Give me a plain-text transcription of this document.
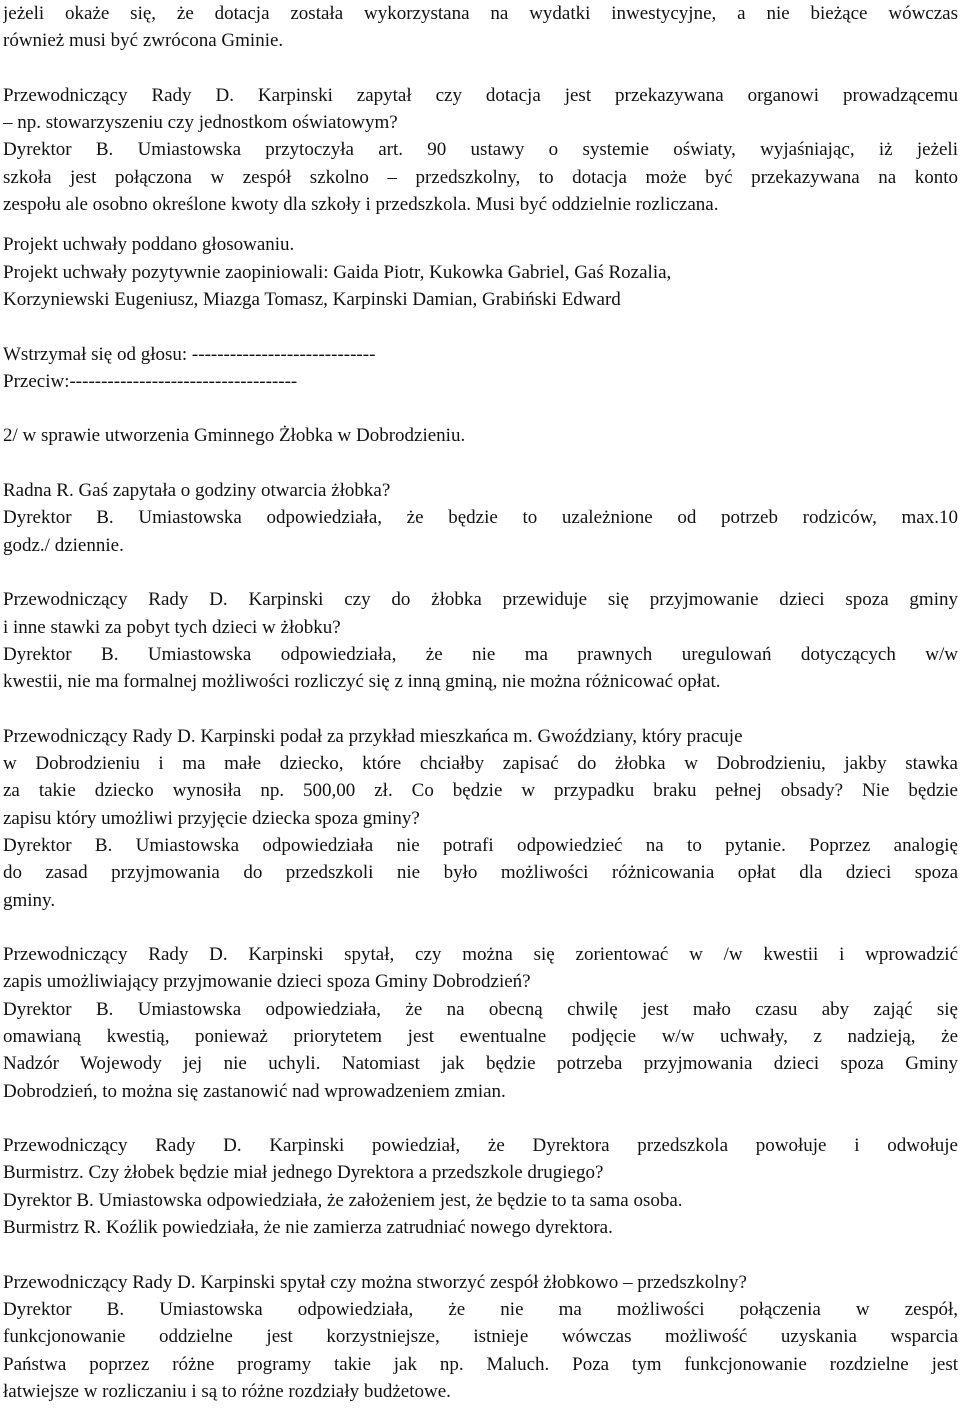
jeżeli okaże się, że dotacja została wykorzystana na wydatki inwestycyjne, a nie bieżące wówczas
również musi być zwrócona Gminie.
Przewodniczący Rady D. Karpinski zapytał czy dotacja jest przekazywana organowi prowadzącemu
– np. stowarzyszeniu czy jednostkom oświatowym?
Dyrektor B. Umiastowska przytoczyła art. 90 ustawy o systemie oświaty, wyjaśniając, iż jeżeli
szkoła jest połączona w zespół szkolno – przedszkolny, to dotacja może być przekazywana na konto
zespołu ale osobno określone kwoty dla szkoły i przedszkola. Musi być oddzielnie rozliczana.
Projekt uchwały poddano głosowaniu.
Projekt uchwały pozytywnie zaopiniowali: Gaida Piotr, Kukowka Gabriel, Gaś Rozalia,
Korzyniewski Eugeniusz, Miazga Tomasz, Karpinski Damian, Grabiński Edward
Wstrzymał się od głosu: -----------------------------
Przeciw:------------------------------------
2/ w sprawie utworzenia Gminnego Żłobka w Dobrodzieniu.
Radna R. Gaś zapytała o godziny otwarcia żłobka?
Dyrektor B. Umiastowska odpowiedziała, że będzie to uzależnione od potrzeb rodziców, max.10
godz./ dziennie.
Przewodniczący Rady D. Karpinski czy do żłobka przewiduje się przyjmowanie dzieci spoza gminy
i inne stawki za pobyt tych dzieci w żłobku?
Dyrektor B. Umiastowska odpowiedziała, że nie ma prawnych uregulowań dotyczących w/w
kwestii, nie ma formalnej możliwości rozliczyć się z inną gminą, nie można różnicować opłat.
Przewodniczący Rady D. Karpinski podał za przykład mieszkańca m. Gwoździany, który pracuje
w Dobrodzieniu i ma małe dziecko, które chciałby zapisać do żłobka w Dobrodzieniu, jakby stawka
za takie dziecko wynosiła np. 500,00 zł. Co będzie w przypadku braku pełnej obsady? Nie będzie
zapisu który umożliwi przyjęcie dziecka spoza gminy?
Dyrektor B. Umiastowska odpowiedziała nie potrafi odpowiedzieć na to pytanie. Poprzez analogię
do zasad przyjmowania do przedszkoli nie było możliwości różnicowania opłat dla dzieci spoza
gminy.
Przewodniczący Rady D. Karpinski spytał, czy można się zorientować w /w kwestii i wprowadzić
zapis umożliwiający przyjmowanie dzieci spoza Gminy Dobrodzień?
Dyrektor B. Umiastowska odpowiedziała, że na obecną chwilę jest mało czasu aby zająć się
omawianą kwestią, ponieważ priorytetem jest ewentualne podjęcie w/w uchwały, z nadzieją, że
Nadzór Wojewody jej nie uchyli. Natomiast jak będzie potrzeba przyjmowania dzieci spoza Gminy
Dobrodzień, to można się zastanowić nad wprowadzeniem zmian.
Przewodniczący Rady D. Karpinski powiedział, że Dyrektora przedszkola powołuje i odwołuje
Burmistrz. Czy żłobek będzie miał jednego Dyrektora a przedszkole drugiego?
Dyrektor B. Umiastowska odpowiedziała, że założeniem jest, że będzie to ta sama osoba.
Burmistrz R. Koźlik powiedziała, że nie zamierza zatrudniać nowego dyrektora.
Przewodniczący Rady D. Karpinski spytał czy można stworzyć zespół żłobkowo – przedszkolny?
Dyrektor B. Umiastowska odpowiedziała, że nie ma możliwości połączenia w zespół,
funkcjonowanie oddzielne jest korzystniejsze, istnieje wówczas możliwość uzyskania wsparcia
Państwa poprzez różne programy takie jak np. Maluch. Poza tym funkcjonowanie rozdzielne jest
łatwiejsze w rozliczaniu i są to różne rozdziały budżetowe.
